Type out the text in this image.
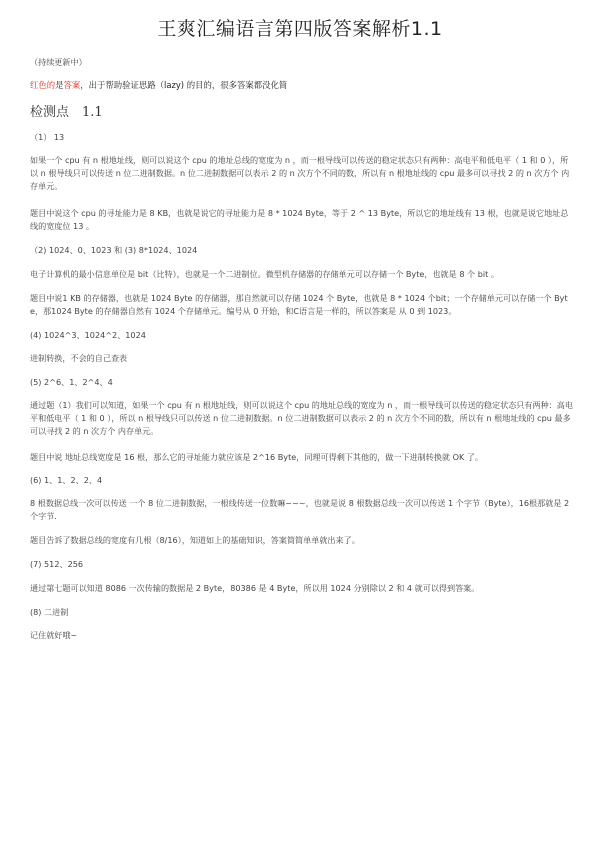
王爽汇编语言第四版答案解析1.1
（持续更新中）
红色的是答案，出于帮助验证思路（lazy) 的目的，很多答案都没化简
检测点　1.1
（1） 13
如果一个 cpu 有 n 根地址线，则可以说这个 cpu 的地址总线的宽度为 n ，而一根导线可以传送的稳定状态只有两种：高电平和低电平（ 1 和 0 ），所以 n 根导线只可以传送 n 位二进制数据。n 位二进制数据可以表示 2 的 n 次方个不同的数，所以有 n 根地址线的 cpu 最多可以寻找 2 的 n 次方个 内存单元。
题目中说这个 cpu 的寻址能力是 8 KB，也就是说它的寻址能力是 8 * 1024 Byte，等于 2 ^ 13 Byte，所以它的地址线有 13 根，也就是说它地址总线的宽度位 13 。
（2) 1024、0、1023 和 (3) 8*1024、1024
电子计算机的最小信息单位是 bit（比特），也就是一个二进制位。微型机存储器的存储单元可以存储一个 Byte，也就是 8 个 bit 。
题目中说1 KB 的存储器，也就是 1024 Byte 的存储器，那自然就可以存储 1024 个 Byte，也就是 8 * 1024 个bit；一个存储单元可以存储一个 Byte，那1024 Byte 的存储器自然有 1024 个存储单元。编号从 0 开始，和C语言是一样的，所以答案是 从 0 到 1023。
(4) 1024^3、1024^2、1024
进制转换，不会的自己查表
(5) 2^6、1、2^4、4
通过题（1）我们可以知道，如果一个 cpu 有 n 根地址线，则可以说这个 cpu 的地址总线的宽度为 n ，而一根导线可以传送的稳定状态只有两种：高电平和低电平（ 1 和 0 ），所以 n 根导线只可以传送 n 位二进制数据。n 位二进制数据可以表示 2 的 n 次方个不同的数，所以有 n 根地址线的 cpu 最多可以寻找 2 的 n 次方个 内存单元。
题目中说 地址总线宽度是 16 根，那么它的寻址能力就应该是 2^16 Byte，同理可得剩下其他的，做一下进制转换就 OK 了。
(6) 1、1、2、2、4
8 根数据总线一次可以传送 一个 8 位二进制数据，一根线传送一位数嘛~~~，也就是说 8 根数据总线一次可以传送 1 个字节（Byte），16根那就是 2 个字节.
题目告诉了数据总线的宽度有几根（8/16），知道如上的基础知识，答案简简单单就出来了。
(7) 512、256
通过第七题可以知道 8086 一次传输的数据是 2 Byte，80386 是 4 Byte，所以用 1024 分别除以 2 和 4 就可以得到答案。
(8) 二进制
记住就好哦~
